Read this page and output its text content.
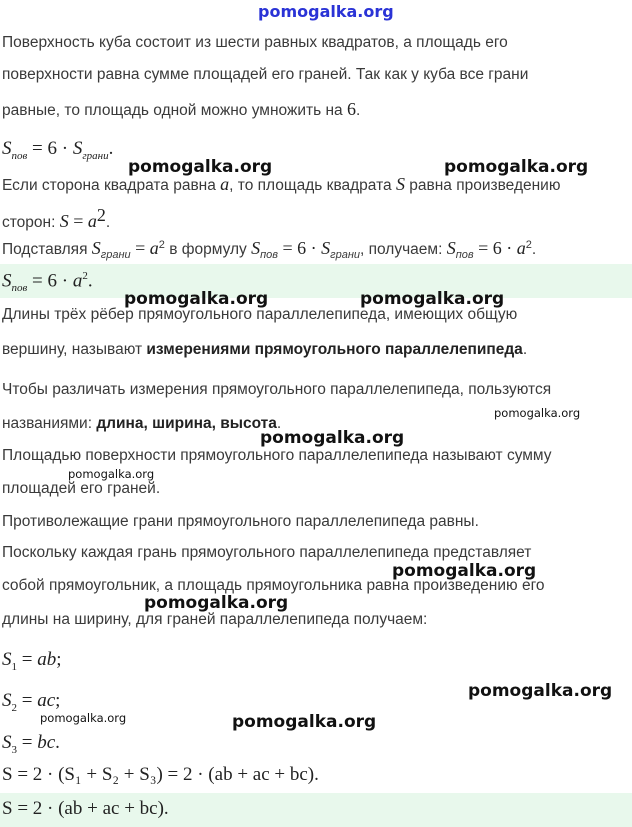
pomogalka.org
Поверхность куба состоит из шести равных квадратов, а площадь его
поверхности равна сумме площадей его граней. Так как у куба все грани
равные, то площадь одной можно умножить на 6.
$S_{пов} = 6 \cdot S_{грани}$.
Если сторона квадрата равна a, то площадь квадрата S равна произведению
сторон: $S = a^2$.
Подставляя $S_{грани} = a^2$ в формулу $S_{пов} = 6 \cdot S_{грани}$, получаем: $S_{пов} = 6 \cdot a^2$.
$S_{пов} = 6 \cdot a^2$.
Длины трёх рёбер прямоугольного параллелепипеда, имеющих общую
вершину, называют измерениями прямоугольного параллелепипеда.
Чтобы различать измерения прямоугольного параллелепипеда, пользуются
названиями: длина, ширина, высота.
Площадью поверхности прямоугольного параллелепипеда называют сумму
площадей его граней.
Противолежащие грани прямоугольного параллелепипеда равны.
Поскольку каждая грань прямоугольного параллелепипеда представляет
собой прямоугольник, а площадь прямоугольника равна произведению его
длины на ширину, для граней параллелепипеда получаем:
$S_1$ = ab;
$S_2$ = ac;
$S_3$ = bc.
S = 2 · (S₁ + S₂ + S₃) = 2 · (ab + ac + bc).
S = 2 · (ab + ac + bc).
pomogalka.org	pomogalka.org
pomogalka.org	pomogalka.org
pomogalka.org
pomogalka.org
pomogalka.org
pomogalka.org
pomogalka.org
pomogalka.org
pomogalka.org	pomogalka.org
